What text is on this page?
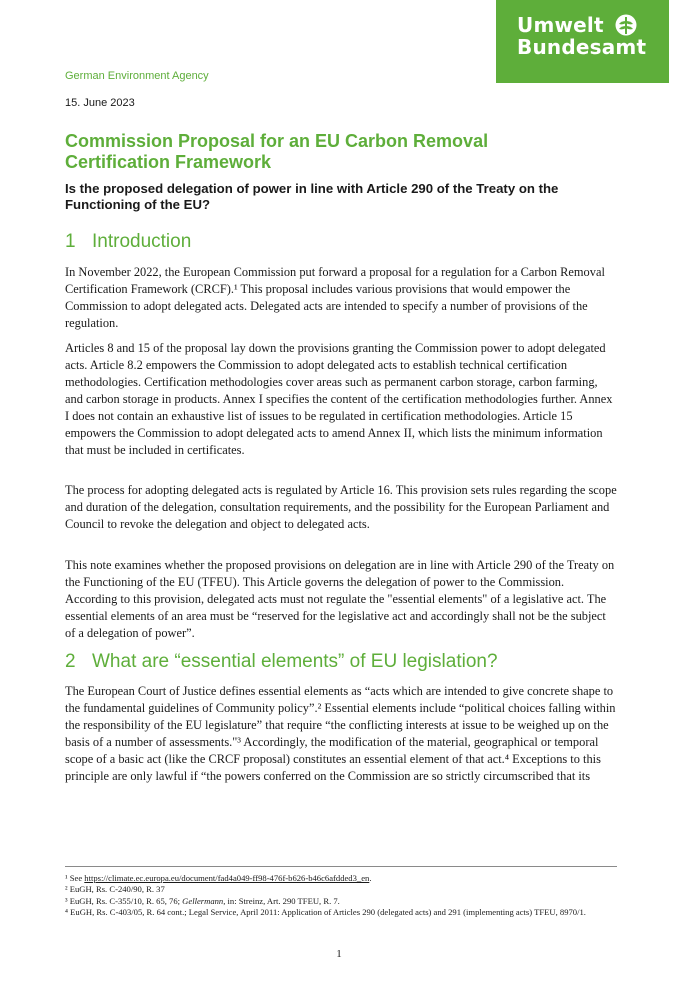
Umwelt
Bundesamt
German Environment Agency
15. June 2023
Commission Proposal for an EU Carbon Removal Certification Framework
Is the proposed delegation of power in line with Article 290 of the Treaty on the Functioning of the EU?
1 Introduction

In November 2022, the European Commission put forward a proposal for a regulation for a Carbon Removal Certification Framework (CRCF).¹ This proposal includes various provisions that would empower the Commission to adopt delegated acts. Delegated acts are intended to specify a number of provisions of the regulation.

Articles 8 and 15 of the proposal lay down the provisions granting the Commission power to adopt delegated acts. Article 8.2 empowers the Commission to adopt delegated acts to establish technical certification methodologies. Certification methodologies cover areas such as permanent carbon storage, carbon farming, and carbon storage in products. Annex I specifies the content of the certification methodologies further. Annex I does not contain an exhaustive list of issues to be regulated in certification methodologies. Article 15 empowers the Commission to adopt delegated acts to amend Annex II, which lists the minimum information that must be included in certificates.

The process for adopting delegated acts is regulated by Article 16. This provision sets rules regarding the scope and duration of the delegation, consultation requirements, and the possibility for the European Parliament and Council to revoke the delegation and object to delegated acts.

This note examines whether the proposed provisions on delegation are in line with Article 290 of the Treaty on the Functioning of the EU (TFEU). This Article governs the delegation of power to the Commission. According to this provision, delegated acts must not regulate the "essential elements" of a legislative act. The essential elements of an area must be “reserved for the legislative act and accordingly shall not be the subject of a delegation of power”.

2 What are “essential elements” of EU legislation?

The European Court of Justice defines essential elements as “acts which are intended to give concrete shape to the fundamental guidelines of Community policy”.² Essential elements include “political choices falling within the responsibility of the EU legislature” that require “the conflicting interests at issue to be weighed up on the basis of a number of assessments."³ Accordingly, the modification of the material, geographical or temporal scope of a basic act (like the CRCF proposal) constitutes an essential element of that act.⁴ Exceptions to this principle are only lawful if “the powers conferred on the Commission are so strictly circumscribed that its

¹ See https://climate.ec.europa.eu/document/fad4a049-ff98-476f-b626-b46c6afdded3_en.

² EuGH, Rs. C-240/90, R. 37

³ EuGH, Rs. C-355/10, R. 65, 76; Gellermann, in: Streinz, Art. 290 TFEU, R. 7.

⁴ EuGH, Rs. C-403/05, R. 64 cont.; Legal Service, April 2011: Application of Articles 290 (delegated acts) and 291 (implementing acts) TFEU, 8970/1.

1
